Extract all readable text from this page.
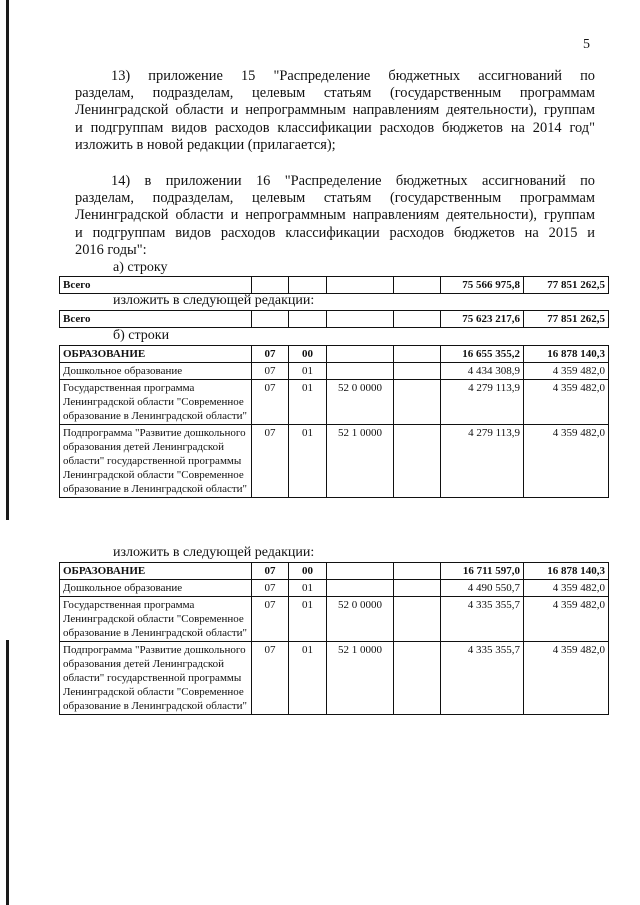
5
13) приложение 15 "Распределение бюджетных ассигнований по
разделам, подразделам, целевым статьям (государственным программам
Ленинградской области и непрограммным направлениям деятельности), группам
и подгруппам видов расходов классификации расходов бюджетов на 2014 год"
изложить в новой редакции (прилагается);
14) в приложении 16 "Распределение бюджетных ассигнований по
разделам, подразделам, целевым статьям (государственным программам
Ленинградской области и непрограммным направлениям деятельности), группам
и подгруппам видов расходов классификации расходов бюджетов на 2015 и
2016 годы":
а) строку
Всего					75 566 975,8	77 851 262,5
изложить в следующей редакции:
Всего					75 623 217,6	77 851 262,5
б) строки
ОБРАЗОВАНИЕ	07	00			16 655 355,2	16 878 140,3
Дошкольное образование	07	01			4 434 308,9	4 359 482,0
Государственная программа Ленинградской области "Современное образование в Ленинградской области"	07	01	52 0 0000		4 279 113,9	4 359 482,0
Подпрограмма "Развитие дошкольного образования детей Ленинградской области" государственной программы Ленинградской области "Современное образование в Ленинградской области"	07	01	52 1 0000		4 279 113,9	4 359 482,0
изложить в следующей редакции:
ОБРАЗОВАНИЕ	07	00			16 711 597,0	16 878 140,3
Дошкольное образование	07	01			4 490 550,7	4 359 482,0
Государственная программа Ленинградской области "Современное образование в Ленинградской области"	07	01	52 0 0000		4 335 355,7	4 359 482,0
Подпрограмма "Развитие дошкольного образования детей Ленинградской области" государственной программы Ленинградской области "Современное образование в Ленинградской области"	07	01	52 1 0000		4 335 355,7	4 359 482,0
